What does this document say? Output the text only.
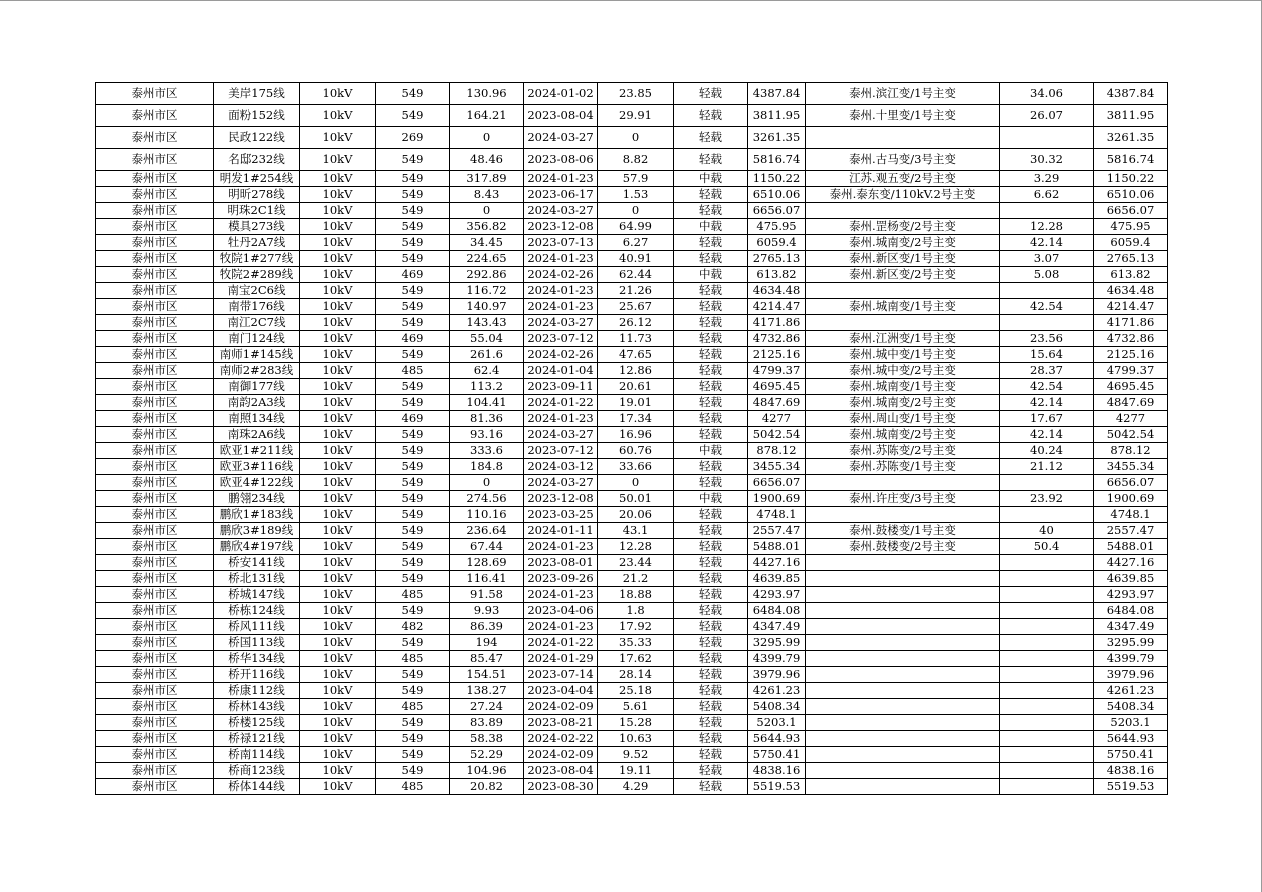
泰州市区	美岸175线	10kV	549	130.96	2024-01-02	23.85	轻载	4387.84	泰州.滨江变/1号主变	34.06	4387.84
泰州市区	面粉152线	10kV	549	164.21	2023-08-04	29.91	轻载	3811.95	泰州.十里变/1号主变	26.07	3811.95
泰州市区	民政122线	10kV	269	0	2024-03-27	0	轻载	3261.35			3261.35
泰州市区	名邸232线	10kV	549	48.46	2023-08-06	8.82	轻载	5816.74	泰州.古马变/3号主变	30.32	5816.74
泰州市区	明发1#254线	10kV	549	317.89	2024-01-23	57.9	中载	1150.22	江苏.观五变/2号主变	3.29	1150.22
泰州市区	明昕278线	10kV	549	8.43	2023-06-17	1.53	轻载	6510.06	泰州.泰东变/110kV.2号主变	6.62	6510.06
泰州市区	明珠2C1线	10kV	549	0	2024-03-27	0	轻载	6656.07			6656.07
泰州市区	模具273线	10kV	549	356.82	2023-12-08	64.99	中载	475.95	泰州.罡杨变/2号主变	12.28	475.95
泰州市区	牡丹2A7线	10kV	549	34.45	2023-07-13	6.27	轻载	6059.4	泰州.城南变/2号主变	42.14	6059.4
泰州市区	牧院1#277线	10kV	549	224.65	2024-01-23	40.91	轻载	2765.13	泰州.新区变/1号主变	3.07	2765.13
泰州市区	牧院2#289线	10kV	469	292.86	2024-02-26	62.44	中载	613.82	泰州.新区变/2号主变	5.08	613.82
泰州市区	南宝2C6线	10kV	549	116.72	2024-01-23	21.26	轻载	4634.48			4634.48
泰州市区	南带176线	10kV	549	140.97	2024-01-23	25.67	轻载	4214.47	泰州.城南变/1号主变	42.54	4214.47
泰州市区	南江2C7线	10kV	549	143.43	2024-03-27	26.12	轻载	4171.86			4171.86
泰州市区	南门124线	10kV	469	55.04	2023-07-12	11.73	轻载	4732.86	泰州.江洲变/1号主变	23.56	4732.86
泰州市区	南师1#145线	10kV	549	261.6	2024-02-26	47.65	轻载	2125.16	泰州.城中变/1号主变	15.64	2125.16
泰州市区	南师2#283线	10kV	485	62.4	2024-01-04	12.86	轻载	4799.37	泰州.城中变/2号主变	28.37	4799.37
泰州市区	南御177线	10kV	549	113.2	2023-09-11	20.61	轻载	4695.45	泰州.城南变/1号主变	42.54	4695.45
泰州市区	南韵2A3线	10kV	549	104.41	2024-01-22	19.01	轻载	4847.69	泰州.城南变/2号主变	42.14	4847.69
泰州市区	南照134线	10kV	469	81.36	2024-01-23	17.34	轻载	4277	泰州.周山变/1号主变	17.67	4277
泰州市区	南珠2A6线	10kV	549	93.16	2024-03-27	16.96	轻载	5042.54	泰州.城南变/2号主变	42.14	5042.54
泰州市区	欧亚1#211线	10kV	549	333.6	2023-07-12	60.76	中载	878.12	泰州.苏陈变/2号主变	40.24	878.12
泰州市区	欧亚3#116线	10kV	549	184.8	2024-03-12	33.66	轻载	3455.34	泰州.苏陈变/1号主变	21.12	3455.34
泰州市区	欧亚4#122线	10kV	549	0	2024-03-27	0	轻载	6656.07			6656.07
泰州市区	鹏翎234线	10kV	549	274.56	2023-12-08	50.01	中载	1900.69	泰州.许庄变/3号主变	23.92	1900.69
泰州市区	鹏欣1#183线	10kV	549	110.16	2023-03-25	20.06	轻载	4748.1			4748.1
泰州市区	鹏欣3#189线	10kV	549	236.64	2024-01-11	43.1	轻载	2557.47	泰州.鼓楼变/1号主变	40	2557.47
泰州市区	鹏欣4#197线	10kV	549	67.44	2024-01-23	12.28	轻载	5488.01	泰州.鼓楼变/2号主变	50.4	5488.01
泰州市区	桥安141线	10kV	549	128.69	2023-08-01	23.44	轻载	4427.16			4427.16
泰州市区	桥北131线	10kV	549	116.41	2023-09-26	21.2	轻载	4639.85			4639.85
泰州市区	桥城147线	10kV	485	91.58	2024-01-23	18.88	轻载	4293.97			4293.97
泰州市区	桥栋124线	10kV	549	9.93	2023-04-06	1.8	轻载	6484.08			6484.08
泰州市区	桥风111线	10kV	482	86.39	2024-01-23	17.92	轻载	4347.49			4347.49
泰州市区	桥国113线	10kV	549	194	2024-01-22	35.33	轻载	3295.99			3295.99
泰州市区	桥华134线	10kV	485	85.47	2024-01-29	17.62	轻载	4399.79			4399.79
泰州市区	桥开116线	10kV	549	154.51	2023-07-14	28.14	轻载	3979.96			3979.96
泰州市区	桥康112线	10kV	549	138.27	2023-04-04	25.18	轻载	4261.23			4261.23
泰州市区	桥林143线	10kV	485	27.24	2024-02-09	5.61	轻载	5408.34			5408.34
泰州市区	桥楼125线	10kV	549	83.89	2023-08-21	15.28	轻载	5203.1			5203.1
泰州市区	桥禄121线	10kV	549	58.38	2024-02-22	10.63	轻载	5644.93			5644.93
泰州市区	桥南114线	10kV	549	52.29	2024-02-09	9.52	轻载	5750.41			5750.41
泰州市区	桥商123线	10kV	549	104.96	2023-08-04	19.11	轻载	4838.16			4838.16
泰州市区	桥体144线	10kV	485	20.82	2023-08-30	4.29	轻载	5519.53			5519.53
